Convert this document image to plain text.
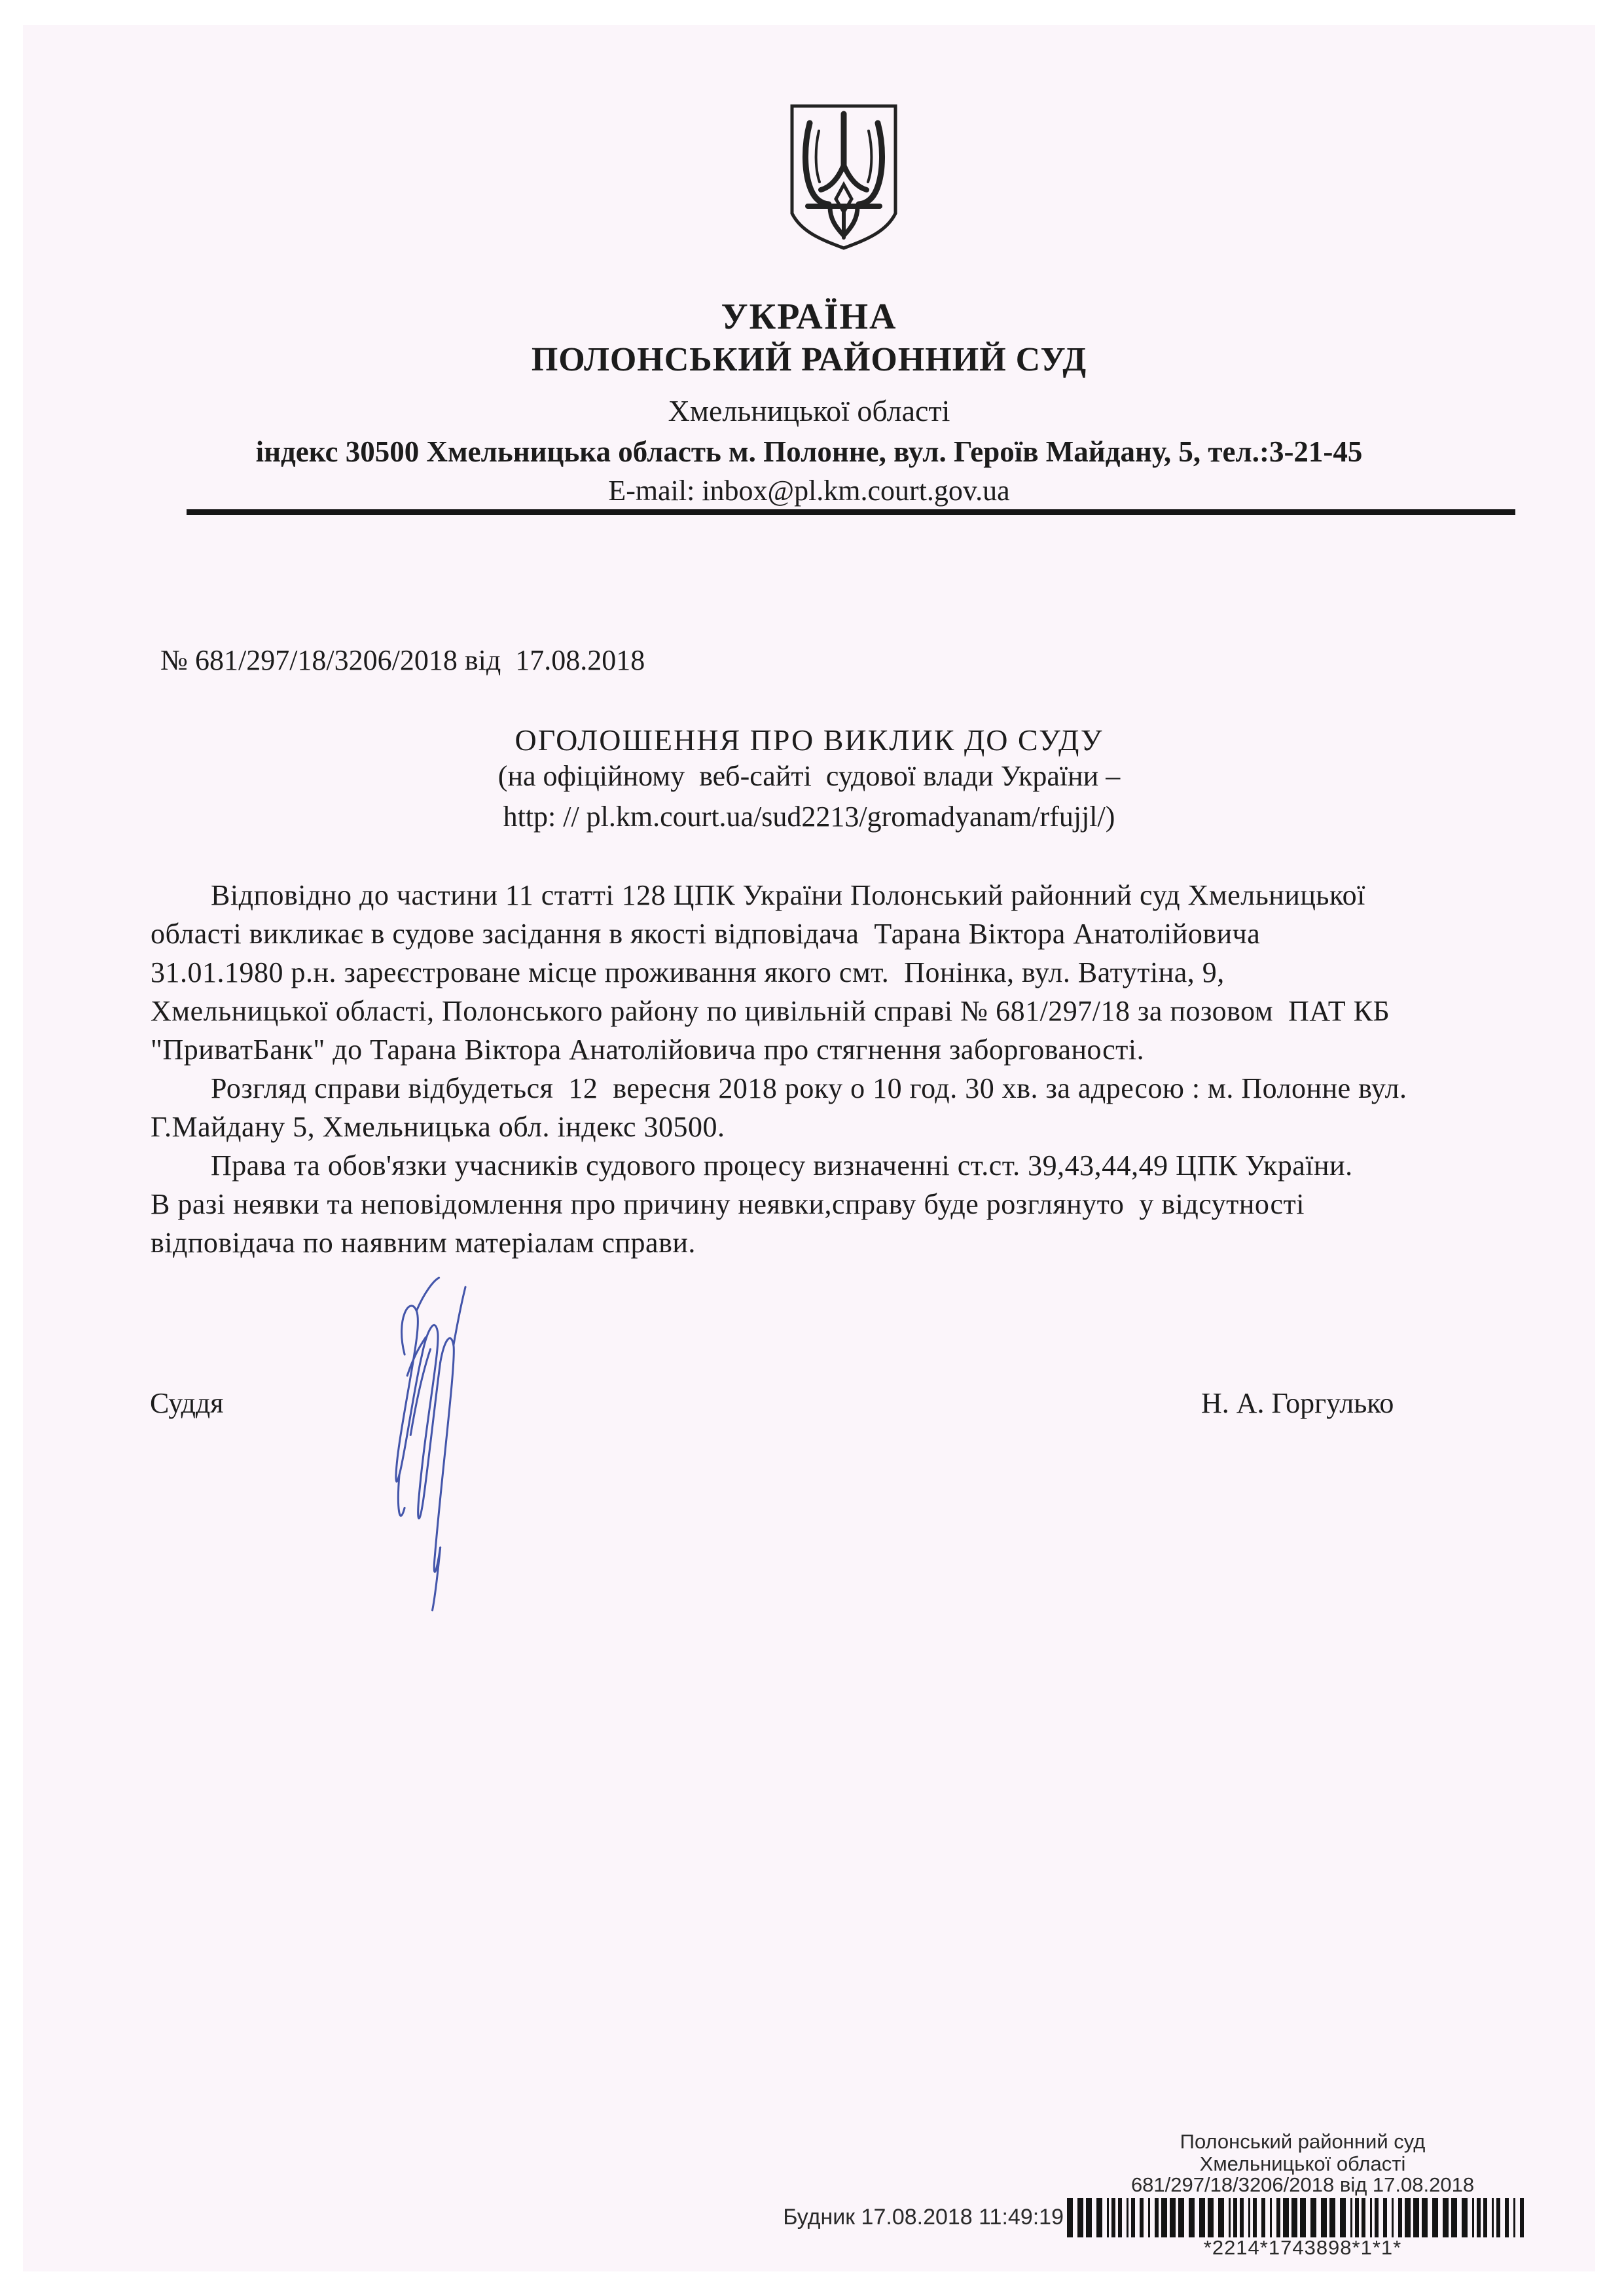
УКРАЇНА
ПОЛОНСЬКИЙ РАЙОННИЙ СУД
Хмельницької області
індекс 30500 Хмельницька область м. Полонне, вул. Героїв Майдану, 5, тел.:3-21-45
E-mail: inbox@pl.km.court.gov.ua
№ 681/297/18/3206/2018 від  17.08.2018
ОГОЛОШЕННЯ ПРО ВИКЛИК ДО СУДУ
(на офіційному  веб-сайті  судової влади України –
http: // pl.km.court.ua/sud2213/gromadyanam/rfujjl/)
Відповідно до частини 11 статті 128 ЦПК України Полонський районний суд Хмельницької
області викликає в судове засідання в якості відповідача  Тарана Віктора Анатолійовича
31.01.1980 р.н. зареєстроване місце проживання якого смт.  Понінка, вул. Ватутіна, 9,
Хмельницької області, Полонського району по цивільній справі № 681/297/18 за позовом  ПАТ КБ
"ПриватБанк" до Тарана Віктора Анатолійовича про стягнення заборгованості.
Розгляд справи відбудеться  12  вересня 2018 року о 10 год. 30 хв. за адресою : м. Полонне вул.
Г.Майдану 5, Хмельницька обл. індекс 30500.
Права та обов'язки учасників судового процесу визначенні ст.ст. 39,43,44,49 ЦПК України.
В разі неявки та неповідомлення про причину неявки,справу буде розглянуто  у відсутності
відповідача по наявним матеріалам справи.
Суддя	Н. А. Горгулько
Полонський районний суд
Хмельницької області
681/297/18/3206/2018 від 17.08.2018
Будник 17.08.2018 11:49:19
*2214*1743898*1*1*
